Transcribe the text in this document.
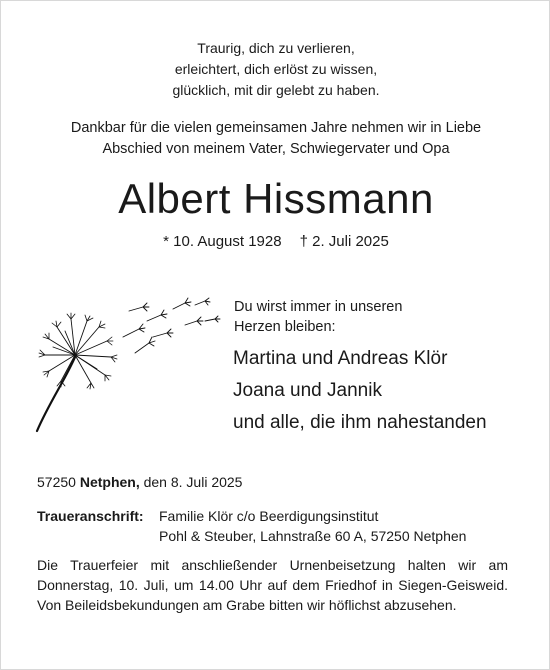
Traurig, dich zu verlieren,
erleichtert, dich erlöst zu wissen,
glücklich, mit dir gelebt zu haben.
Dankbar für die vielen gemeinsamen Jahre nehmen wir in Liebe
Abschied von meinem Vater, Schwiegervater und Opa
Albert Hissmann
* 10. August 1928 † 2. Juli 2025
Du wirst immer in unseren
Herzen bleiben:
Martina und Andreas Klör
Joana und Jannik
und alle, die ihm nahestanden
57250 Netphen, den 8. Juli 2025
Traueranschrift: Familie Klör c/o Beerdigungsinstitut
Pohl & Steuber, Lahnstraße 60 A, 57250 Netphen
Die Trauerfeier mit anschließender Urnenbeisetzung halten wir am Donnerstag, 10. Juli, um 14.00 Uhr auf dem Friedhof in Siegen-Geisweid. Von Beileidsbekundungen am Grabe bitten wir höflichst abzusehen.
